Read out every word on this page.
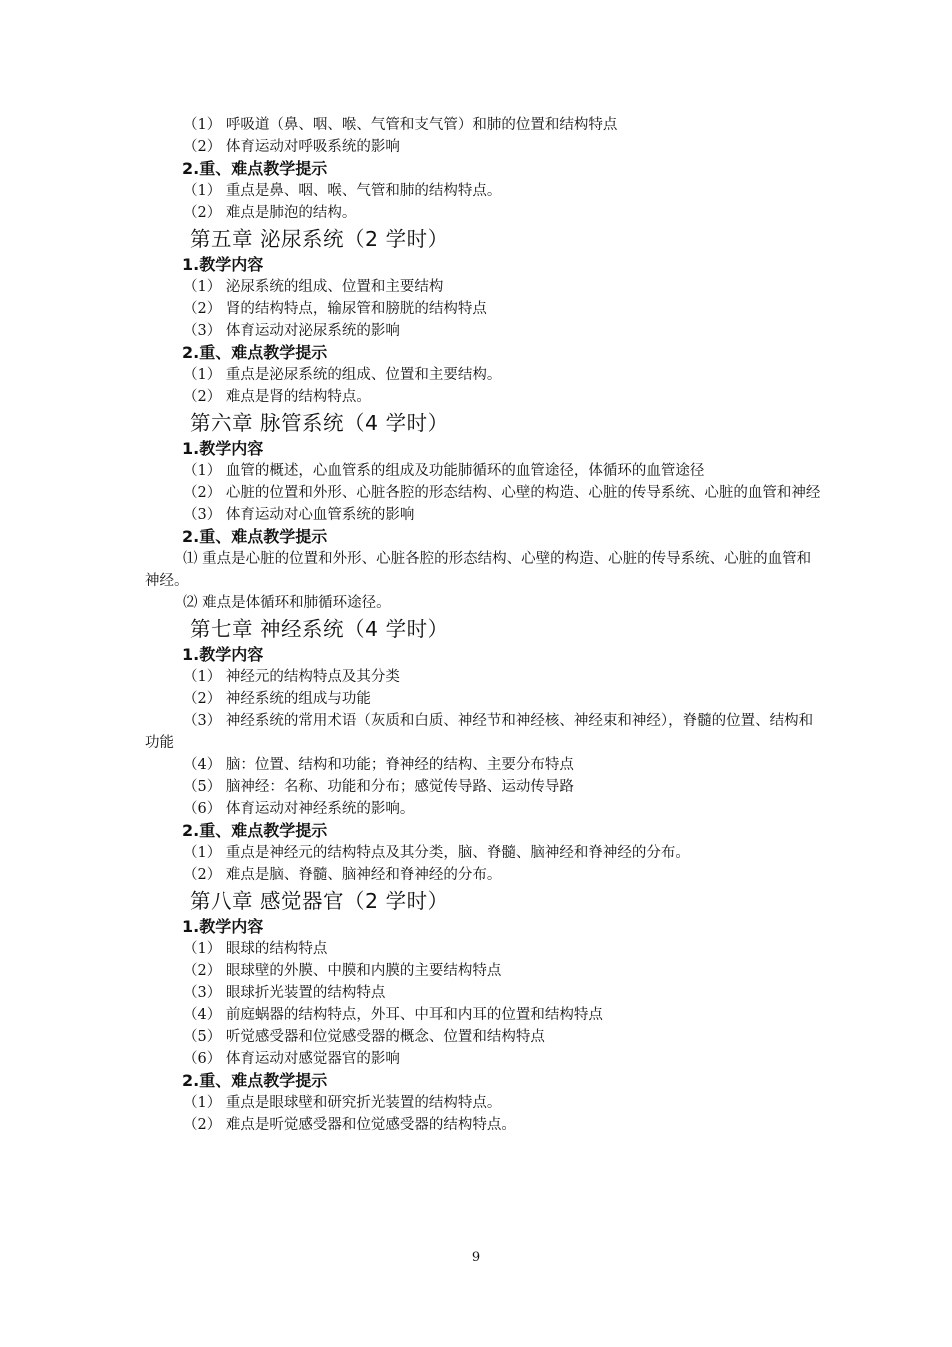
（1） 呼吸道（鼻、咽、喉、气管和支气管）和肺的位置和结构特点

（2） 体育运动对呼吸系统的影响

2.重、难点教学提示

（1） 重点是鼻、咽、喉、气管和肺的结构特点。

（2） 难点是肺泡的结构。

第五章 泌尿系统（2 学时）

1.教学内容

（1） 泌尿系统的组成、位置和主要结构

（2） 肾的结构特点，输尿管和膀胱的结构特点

（3） 体育运动对泌尿系统的影响

2.重、难点教学提示

（1） 重点是泌尿系统的组成、位置和主要结构。

（2） 难点是肾的结构特点。

第六章 脉管系统（4 学时）

1.教学内容

（1） 血管的概述，心血管系的组成及功能肺循环的血管途径，体循环的血管途径

（2） 心脏的位置和外形、心脏各腔的形态结构、心壁的构造、心脏的传导系统、心脏的血管和神经

（3） 体育运动对心血管系统的影响

2.重、难点教学提示

⑴ 重点是心脏的位置和外形、心脏各腔的形态结构、心壁的构造、心脏的传导系统、心脏的血管和神经。

⑵ 难点是体循环和肺循环途径。

第七章 神经系统（4 学时）

1.教学内容

（1） 神经元的结构特点及其分类

（2） 神经系统的组成与功能

（3） 神经系统的常用术语（灰质和白质、神经节和神经核、神经束和神经），脊髓的位置、结构和功能

（4） 脑：位置、结构和功能；脊神经的结构、主要分布特点

（5） 脑神经：名称、功能和分布；感觉传导路、运动传导路

（6） 体育运动对神经系统的影响。

2.重、难点教学提示

（1） 重点是神经元的结构特点及其分类，脑、脊髓、脑神经和脊神经的分布。

（2） 难点是脑、脊髓、脑神经和脊神经的分布。

第八章 感觉器官（2 学时）

1.教学内容

（1） 眼球的结构特点

（2） 眼球壁的外膜、中膜和内膜的主要结构特点

（3） 眼球折光装置的结构特点

（4） 前庭蜗器的结构特点，外耳、中耳和内耳的位置和结构特点

（5） 听觉感受器和位觉感受器的概念、位置和结构特点

（6） 体育运动对感觉器官的影响

2.重、难点教学提示

（1） 重点是眼球壁和研究折光装置的结构特点。

（2） 难点是听觉感受器和位觉感受器的结构特点。

9
